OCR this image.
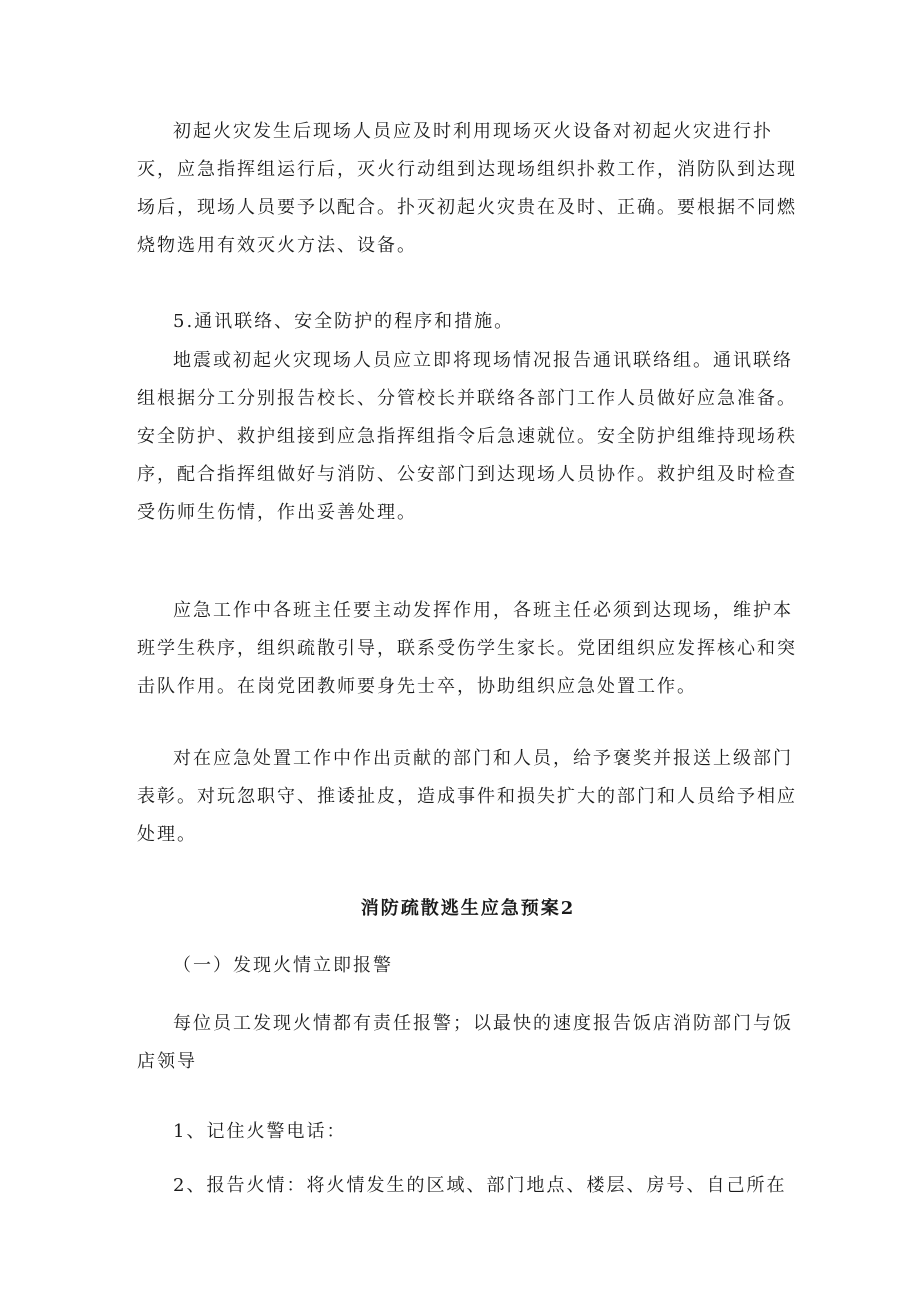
初起火灾发生后现场人员应及时利用现场灭火设备对初起火灾进行扑灭，应急指挥组运行后，灭火行动组到达现场组织扑救工作，消防队到达现场后，现场人员要予以配合。扑灭初起火灾贵在及时、正确。要根据不同燃烧物选用有效灭火方法、设备。

5.通讯联络、安全防护的程序和措施。

地震或初起火灾现场人员应立即将现场情况报告通讯联络组。通讯联络组根据分工分别报告校长、分管校长并联络各部门工作人员做好应急准备。安全防护、救护组接到应急指挥组指令后急速就位。安全防护组维持现场秩序，配合指挥组做好与消防、公安部门到达现场人员协作。救护组及时检查受伤师生伤情，作出妥善处理。

应急工作中各班主任要主动发挥作用，各班主任必须到达现场，维护本班学生秩序，组织疏散引导，联系受伤学生家长。党团组织应发挥核心和突击队作用。在岗党团教师要身先士卒，协助组织应急处置工作。

对在应急处置工作中作出贡献的部门和人员，给予褒奖并报送上级部门表彰。对玩忽职守、推诿扯皮，造成事件和损失扩大的部门和人员给予相应处理。

消防疏散逃生应急预案2

（一）发现火情立即报警

每位员工发现火情都有责任报警；以最快的速度报告饭店消防部门与饭店领导

1、记住火警电话：

2、报告火情：将火情发生的区域、部门地点、楼层、房号、自己所在
